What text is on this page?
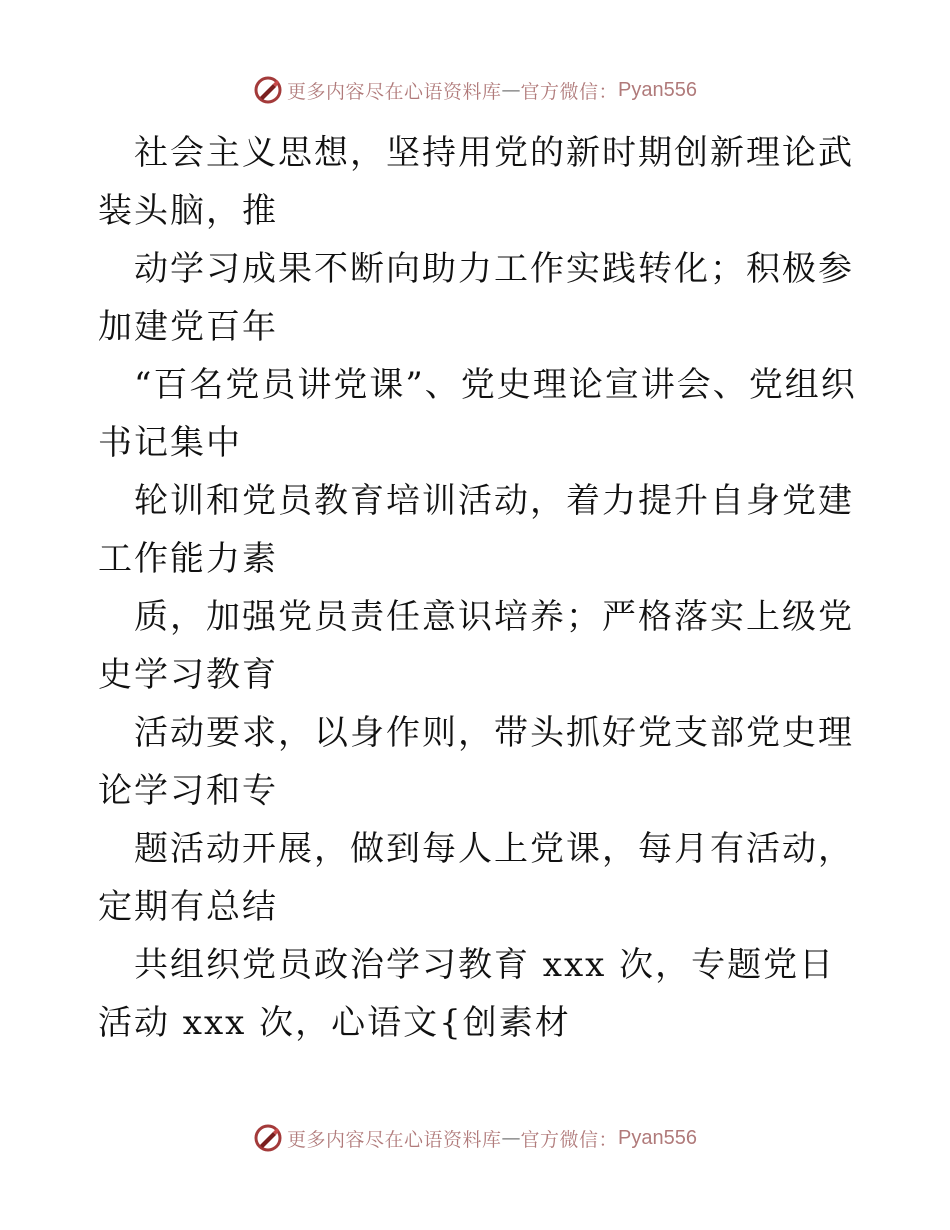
更多内容尽在心语资料库 — 官方微信： Pyan556

社会主义思想，坚持用党的新时期创新理论武装头脑，推

动学习成果不断向助力工作实践转化；积极参加建党百年

“百名党员讲党课”、党史理论宣讲会、党组织书记集中

轮训和党员教育培训活动，着力提升自身党建工作能力素

质，加强党员责任意识培养；严格落实上级党史学习教育

活动要求，以身作则，带头抓好党支部党史理论学习和专

题活动开展，做到每人上党课，每月有活动，定期有总结

共组织党员政治学习教育 xxx 次，专题党日活动 xxx 次，心语文{创素材

更多内容尽在心语资料库 — 官方微信： Pyan556
